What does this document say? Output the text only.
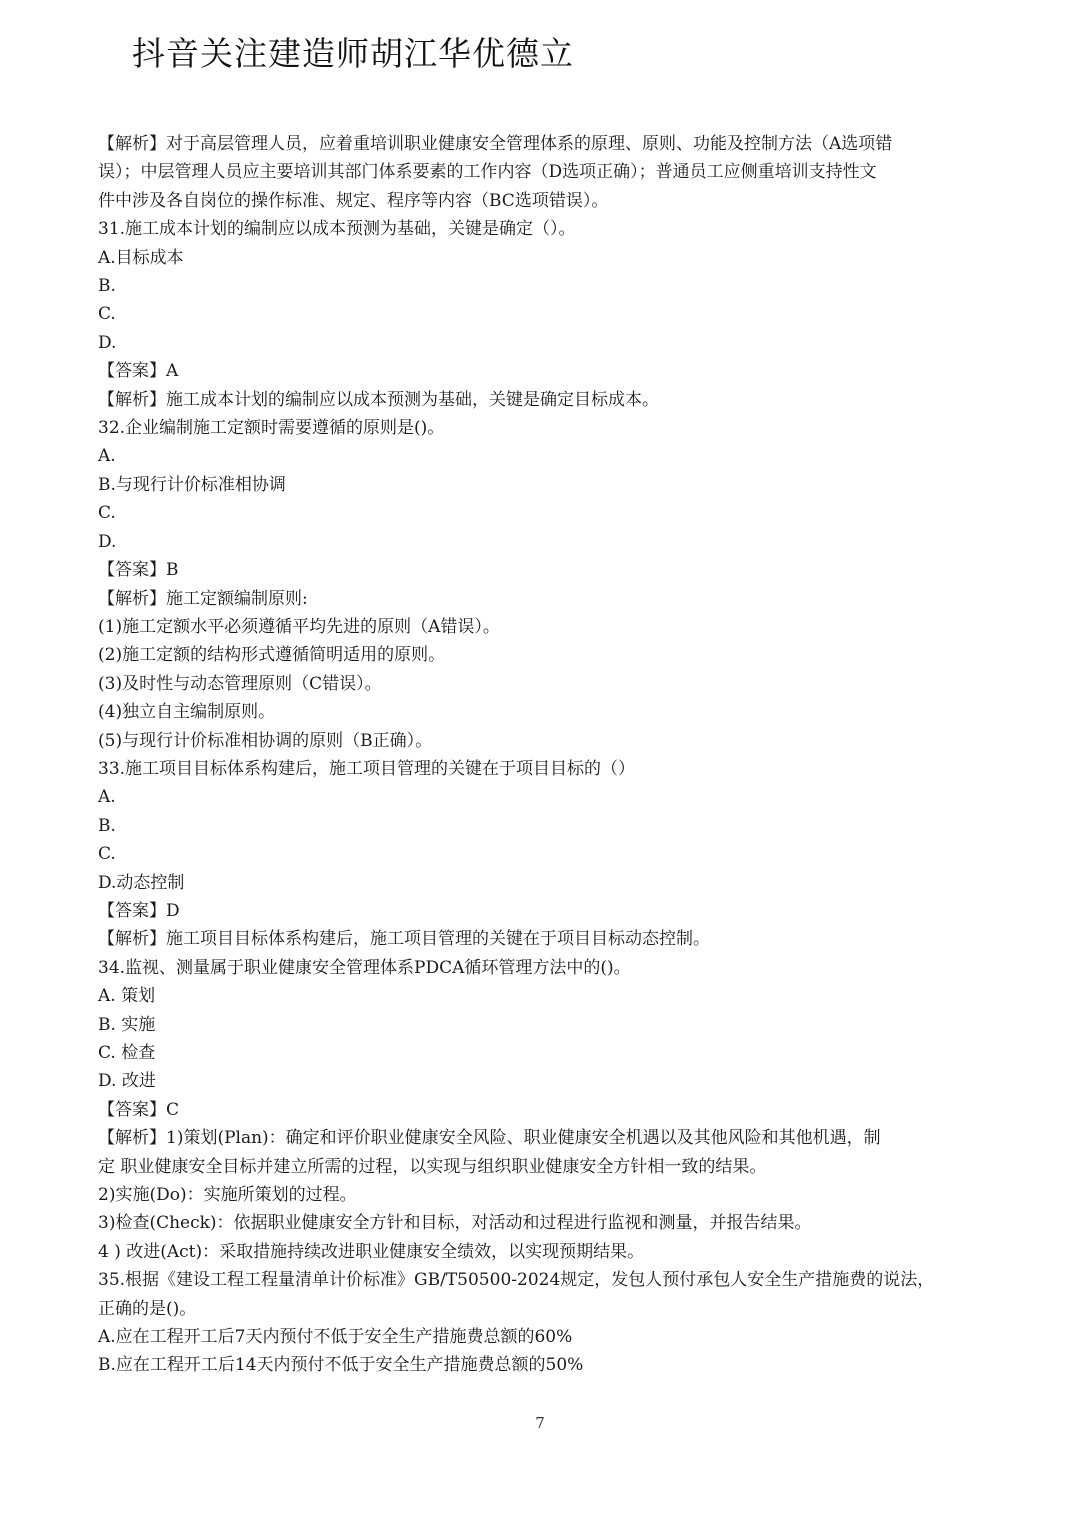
抖音关注建造师胡江华优德立

【解析】对于高层管理人员，应着重培训职业健康安全管理体系的原理、原则、功能及控制方法（A选项错

误）；中层管理人员应主要培训其部门体系要素的工作内容（D选项正确）；普通员工应侧重培训支持性文

件中涉及各自岗位的操作标准、规定、程序等内容（BC选项错误）。

31.施工成本计划的编制应以成本预测为基础，关键是确定（）。

A.目标成本

B.

C.

D.

【答案】A

【解析】施工成本计划的编制应以成本预测为基础，关键是确定目标成本。

32.企业编制施工定额时需要遵循的原则是()。

A.

B.与现行计价标准相协调

C.

D.

【答案】B

【解析】施工定额编制原则:

(1)施工定额水平必须遵循平均先进的原则（A错误）。

(2)施工定额的结构形式遵循简明适用的原则。

(3)及时性与动态管理原则（C错误）。

(4)独立自主编制原则。

(5)与现行计价标准相协调的原则（B正确）。

33.施工项目目标体系构建后，施工项目管理的关键在于项目目标的（）

A.

B.

C.

D.动态控制

【答案】D

【解析】施工项目目标体系构建后，施工项目管理的关键在于项目目标动态控制。

34.监视、测量属于职业健康安全管理体系PDCA循环管理方法中的()。

A. 策划

B. 实施

C. 检查

D. 改进

【答案】C

【解析】1)策划(Plan)：确定和评价职业健康安全风险、职业健康安全机遇以及其他风险和其他机遇，制

定 职业健康安全目标并建立所需的过程，以实现与组织职业健康安全方针相一致的结果。

2)实施(Do)：实施所策划的过程。

3)检查(Check)：依据职业健康安全方针和目标，对活动和过程进行监视和测量，并报告结果。

4 ) 改进(Act)：采取措施持续改进职业健康安全绩效，以实现预期结果。

35.根据《建设工程工程量清单计价标准》GB/T50500-2024规定，发包人预付承包人安全生产措施费的说法，

正确的是()。

A.应在工程开工后7天内预付不低于安全生产措施费总额的60%

B.应在工程开工后14天内预付不低于安全生产措施费总额的50%

7
